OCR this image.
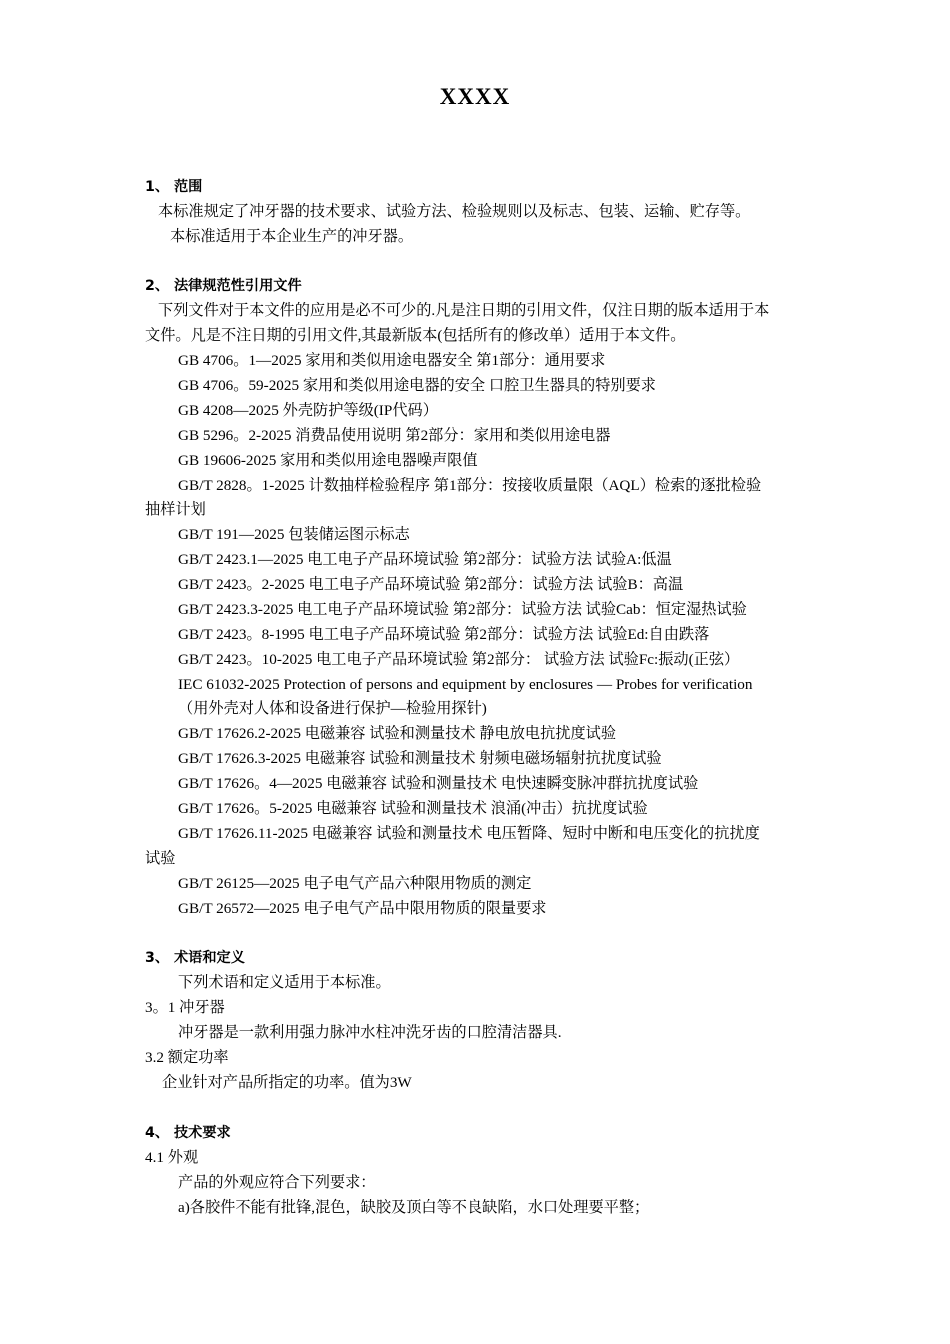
XXXX
1、 范围
本标准规定了冲牙器的技术要求、试验方法、检验规则以及标志、包装、运输、贮存等。
本标准适用于本企业生产的冲牙器。
2、 法律规范性引用文件
下列文件对于本文件的应用是必不可少的.凡是注日期的引用文件，仅注日期的版本适用于本
文件。凡是不注日期的引用文件,其最新版本(包括所有的修改单）适用于本文件。
GB 4706。1—2025 家用和类似用途电器安全 第1部分：通用要求
GB 4706。59-2025 家用和类似用途电器的安全 口腔卫生器具的特别要求
GB 4208—2025 外壳防护等级(IP代码）
GB 5296。2-2025 消费品使用说明 第2部分：家用和类似用途电器
GB 19606-2025 家用和类似用途电器噪声限值
GB/T 2828。1-2025 计数抽样检验程序 第1部分：按接收质量限（AQL）检索的逐批检验
抽样计划
GB/T 191—2025 包装储运图示标志
GB/T 2423.1—2025 电工电子产品环境试验 第2部分：试验方法 试验A:低温
GB/T 2423。2-2025 电工电子产品环境试验 第2部分：试验方法 试验B：高温
GB/T 2423.3-2025 电工电子产品环境试验 第2部分：试验方法 试验Cab：恒定湿热试验
GB/T 2423。8-1995 电工电子产品环境试验 第2部分：试验方法 试验Ed:自由跌落
GB/T 2423。10-2025 电工电子产品环境试验 第2部分： 试验方法 试验Fc:振动(正弦）
IEC 61032-2025 Protection of persons and equipment by enclosures — Probes for verification
（用外壳对人体和设备进行保护—检验用探针)
GB/T 17626.2-2025 电磁兼容 试验和测量技术 静电放电抗扰度试验
GB/T 17626.3-2025 电磁兼容 试验和测量技术 射频电磁场辐射抗扰度试验
GB/T 17626。4—2025 电磁兼容 试验和测量技术 电快速瞬变脉冲群抗扰度试验
GB/T 17626。5-2025 电磁兼容 试验和测量技术 浪涌(冲击）抗扰度试验
GB/T 17626.11-2025 电磁兼容 试验和测量技术 电压暂降、短时中断和电压变化的抗扰度
试验
GB/T 26125—2025 电子电气产品六种限用物质的测定
GB/T 26572—2025 电子电气产品中限用物质的限量要求
3、 术语和定义
下列术语和定义适用于本标准。
3。1 冲牙器
冲牙器是一款利用强力脉冲水柱冲洗牙齿的口腔清洁器具.
3.2 额定功率
企业针对产品所指定的功率。值为3W
4、 技术要求
4.1 外观
产品的外观应符合下列要求：
a)各胶件不能有批锋,混色，缺胶及顶白等不良缺陷，水口处理要平整；
